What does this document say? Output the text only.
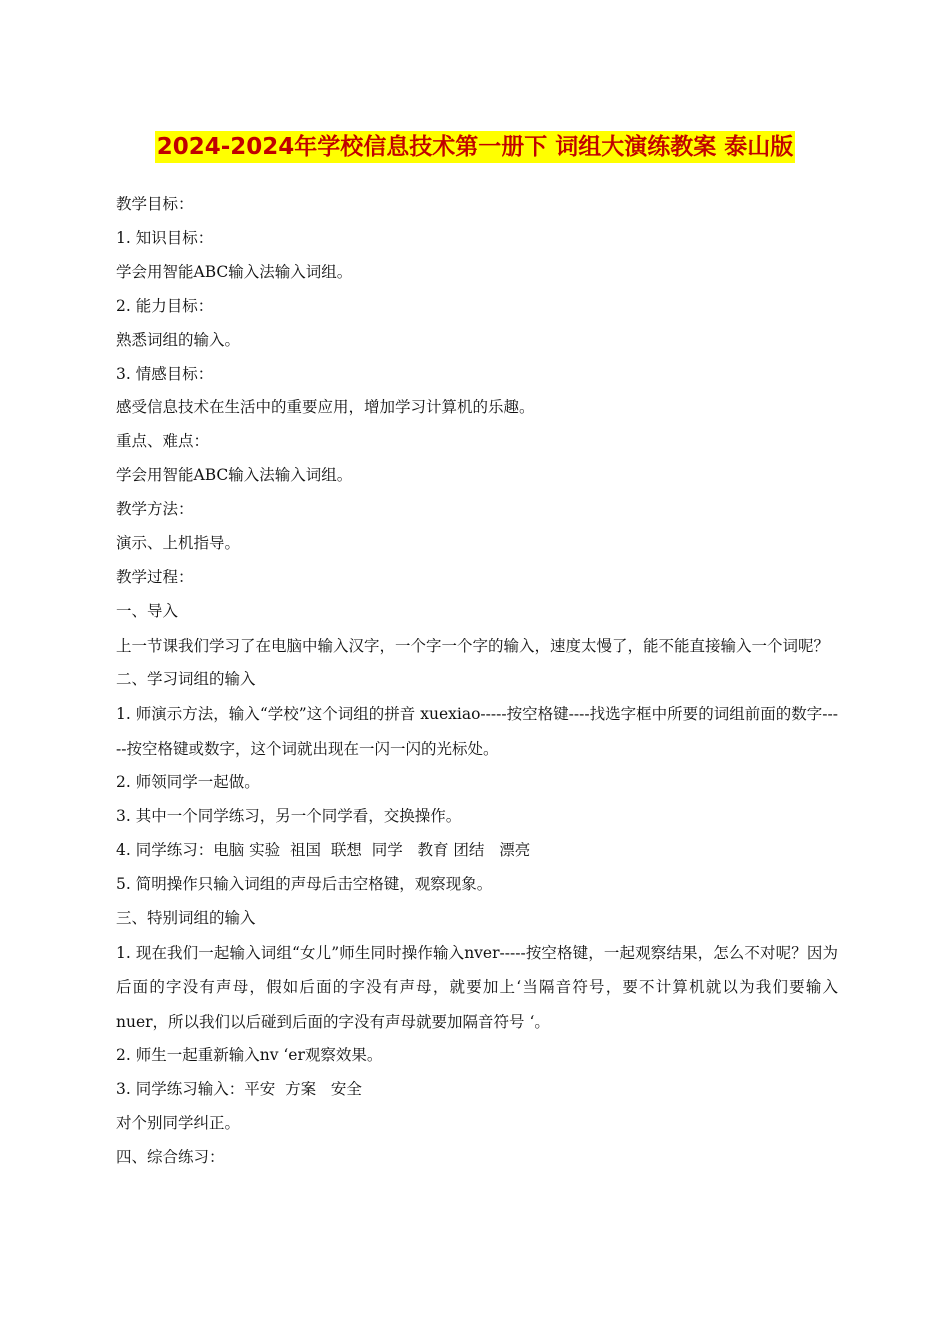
2024-2024年学校信息技术第一册下 词组大演练教案 泰山版

教学目标：

1. 知识目标：

学会用智能ABC输入法输入词组。

2. 能力目标：

熟悉词组的输入。

3. 情感目标：

感受信息技术在生活中的重要应用，增加学习计算机的乐趣。

重点、难点：

学会用智能ABC输入法输入词组。

教学方法：

演示、上机指导。

教学过程：

一、导入

上一节课我们学习了在电脑中输入汉字，一个字一个字的输入，速度太慢了，能不能直接输入一个词呢？

二、学习词组的输入

1. 师演示方法，输入“学校”这个词组的拼音 xuexiao-----按空格键----找选字框中所要的词组前面的数字-----按空格键或数字，这个词就出现在一闪一闪的光标处。

2. 师领同学一起做。

3. 其中一个同学练习，另一个同学看，交换操作。

4. 同学练习：电脑 实验  祖国  联想  同学   教育 团结   漂亮

5. 简明操作只输入词组的声母后击空格键，观察现象。

三、特别词组的输入

1. 现在我们一起输入词组“女儿”师生同时操作输入nver-----按空格键，一起观察结果，怎么不对呢？因为后面的字没有声母，假如后面的字没有声母，就要加上‘当隔音符号，要不计算机就以为我们要输入nuer，所以我们以后碰到后面的字没有声母就要加隔音符号 ‘。

2. 师生一起重新输入nv ‘er观察效果。

3. 同学练习输入：平安  方案   安全

对个别同学纠正。

四、综合练习：
